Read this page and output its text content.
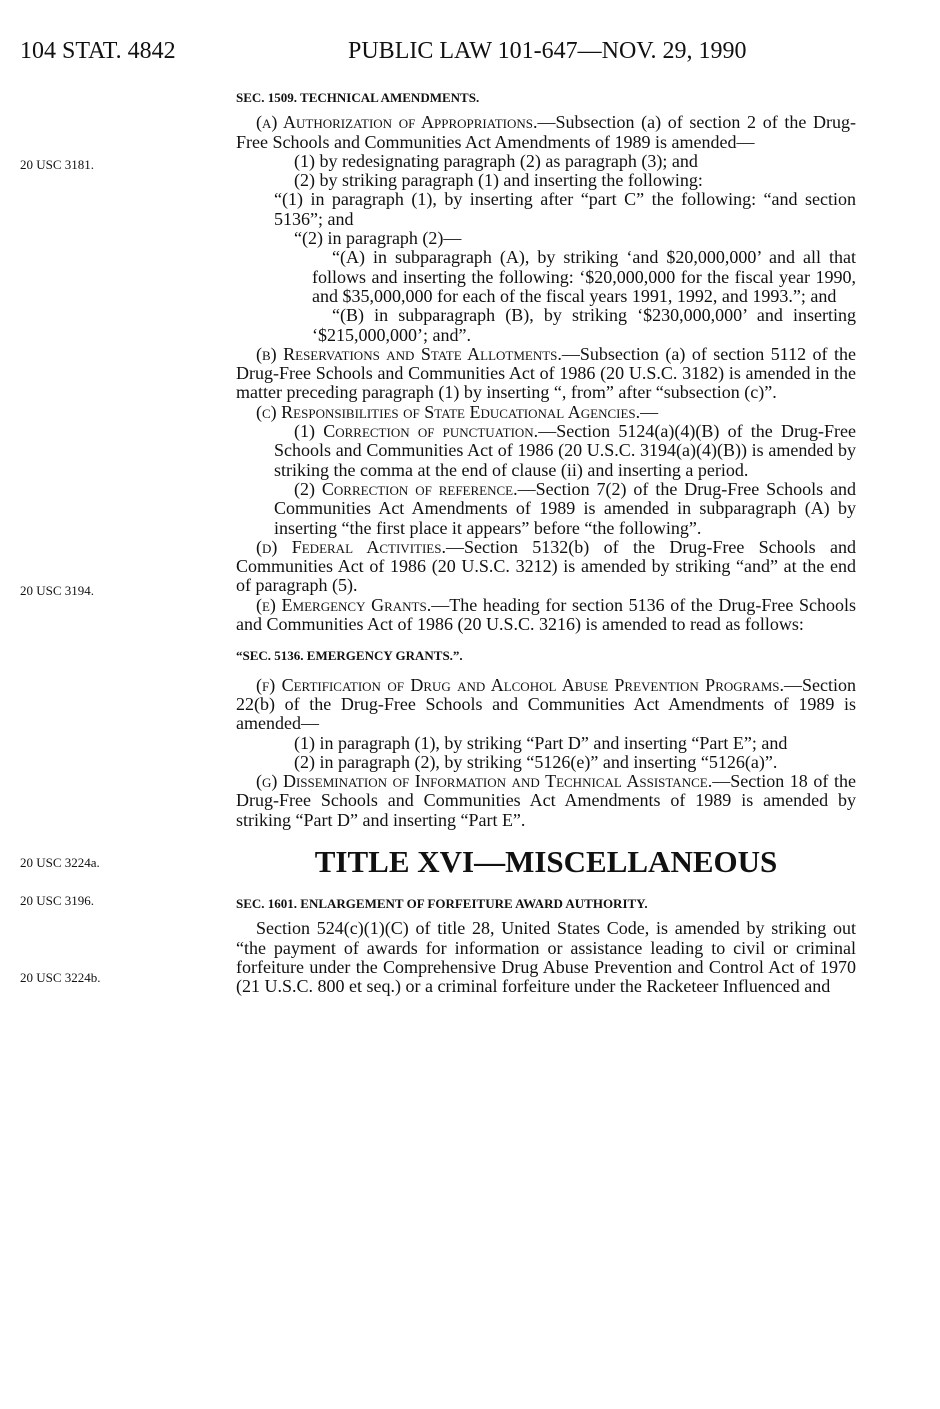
104 STAT. 4842	PUBLIC LAW 101-647—NOV. 29, 1990
20 USC 3181.
20 USC 3194.
20 USC 3224a.
20 USC 3196.
20 USC 3224b.
SEC. 1509. TECHNICAL AMENDMENTS.

(a) Authorization of Appropriations.—Subsection (a) of section 2 of the Drug-Free Schools and Communities Act Amendments of 1989 is amended—

(1) by redesignating paragraph (2) as paragraph (3); and

(2) by striking paragraph (1) and inserting the following:

“(1) in paragraph (1), by inserting after “part C” the following: “and section 5136”; and

“(2) in paragraph (2)—

“(A) in subparagraph (A), by striking ‘and $20,000,000’ and all that follows and inserting the following: ‘$20,000,000 for the fiscal year 1990, and $35,000,000 for each of the fiscal years 1991, 1992, and 1993.”; and

“(B) in subparagraph (B), by striking ‘$230,000,000’ and inserting ‘$215,000,000’; and”.

(b) Reservations and State Allotments.—Subsection (a) of section 5112 of the Drug-Free Schools and Communities Act of 1986 (20 U.S.C. 3182) is amended in the matter preceding paragraph (1) by inserting “, from” after “subsection (c)”.

(c) Responsibilities of State Educational Agencies.—

(1) Correction of punctuation.—Section 5124(a)(4)(B) of the Drug-Free Schools and Communities Act of 1986 (20 U.S.C. 3194(a)(4)(B)) is amended by striking the comma at the end of clause (ii) and inserting a period.

(2) Correction of reference.—Section 7(2) of the Drug-Free Schools and Communities Act Amendments of 1989 is amended in subparagraph (A) by inserting “the first place it appears” before “the following”.

(d) Federal Activities.—Section 5132(b) of the Drug-Free Schools and Communities Act of 1986 (20 U.S.C. 3212) is amended by striking “and” at the end of paragraph (5).

(e) Emergency Grants.—The heading for section 5136 of the Drug-Free Schools and Communities Act of 1986 (20 U.S.C. 3216) is amended to read as follows:

“SEC. 5136. EMERGENCY GRANTS.”.

(f) Certification of Drug and Alcohol Abuse Prevention Programs.—Section 22(b) of the Drug-Free Schools and Communities Act Amendments of 1989 is amended—

(1) in paragraph (1), by striking “Part D” and inserting “Part E”; and

(2) in paragraph (2), by striking “5126(e)” and inserting “5126(a)”.

(g) Dissemination of Information and Technical Assistance.—Section 18 of the Drug-Free Schools and Communities Act Amendments of 1989 is amended by striking “Part D” and inserting “Part E”.

TITLE XVI—MISCELLANEOUS
SEC. 1601. ENLARGEMENT OF FORFEITURE AWARD AUTHORITY.

Section 524(c)(1)(C) of title 28, United States Code, is amended by striking out “the payment of awards for information or assistance leading to civil or criminal forfeiture under the Comprehensive Drug Abuse Prevention and Control Act of 1970 (21 U.S.C. 800 et seq.) or a criminal forfeiture under the Racketeer Influenced and
